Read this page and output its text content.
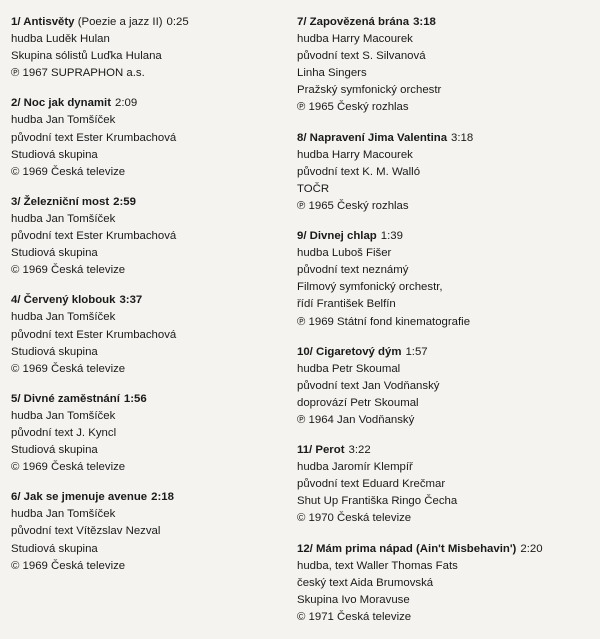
1/ Antisvěty (Poezie a jazz II) 0:25
hudba Luděk Hulan
Skupina sólistů Luďka Hulana
℗ 1967 SUPRAPHON a.s.
2/ Noc jak dynamit 2:09
hudba Jan Tomšíček
původní text Ester Krumbachová
Studiová skupina
© 1969 Česká televize
3/ Železniční most 2:59
hudba Jan Tomšíček
původní text Ester Krumbachová
Studiová skupina
© 1969 Česká televize
4/ Červený klobouk 3:37
hudba Jan Tomšíček
původní text Ester Krumbachová
Studiová skupina
© 1969 Česká televize
5/ Divné zaměstnání 1:56
hudba Jan Tomšíček
původní text J. Kyncl
Studiová skupina
© 1969 Česká televize
6/ Jak se jmenuje avenue 2:18
hudba Jan Tomšíček
původní text Vítězslav Nezval
Studiová skupina
© 1969 Česká televize
7/ Zapovězená brána 3:18
hudba Harry Macourek
původní text S. Silvanová
Linha Singers
Pražský symfonický orchestr
℗ 1965 Český rozhlas
8/ Napravení Jima Valentina 3:18
hudba Harry Macourek
původní text K. M. Walló
TOČR
℗ 1965 Český rozhlas
9/ Divnej chlap 1:39
hudba Luboš Fišer
původní text neznámý
Filmový symfonický orchestr,
řídí František Belfín
℗ 1969 Státní fond kinematografie
10/ Cigaretový dým 1:57
hudba Petr Skoumal
původní text Jan Vodňanský
doprovází Petr Skoumal
℗ 1964 Jan Vodňanský
11/ Perot 3:22
hudba Jaromír Klempíř
původní text Eduard Krečmar
Shut Up Františka Ringo Čecha
© 1970 Česká televize
12/ Mám prima nápad (Ain't Misbehavin') 2:20
hudba, text Waller Thomas Fats
český text Aida Brumovská
Skupina Ivo Moravuse
© 1971 Česká televize
